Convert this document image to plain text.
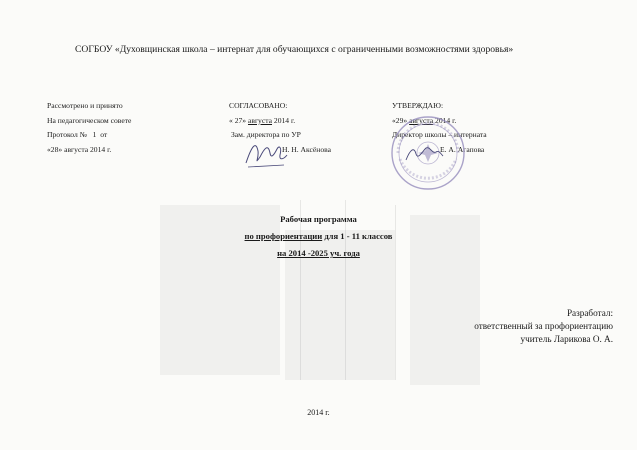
СОГБОУ «Духовщинская школа – интернат для обучающихся с ограниченными возможностями здоровья»
Рассмотрено и принято
На педагогическом совете
Протокол №   1  от
«28» августа 2014 г.
СОГЛАСОВАНО:
« 27» августа 2014 г.
Зам. директора по УР
Н. Н. Аксёнова
УТВЕРЖДАЮ:
«29» августа 2014 г.
Директор школы – интерната
Е. А. Агапова
Рабочая программа
по профориентации для 1 - 11 классов
на 2014 -2025 уч. года
Разработал:
ответственный за профориентацию
учитель Ларикова О. А.
2014 г.
